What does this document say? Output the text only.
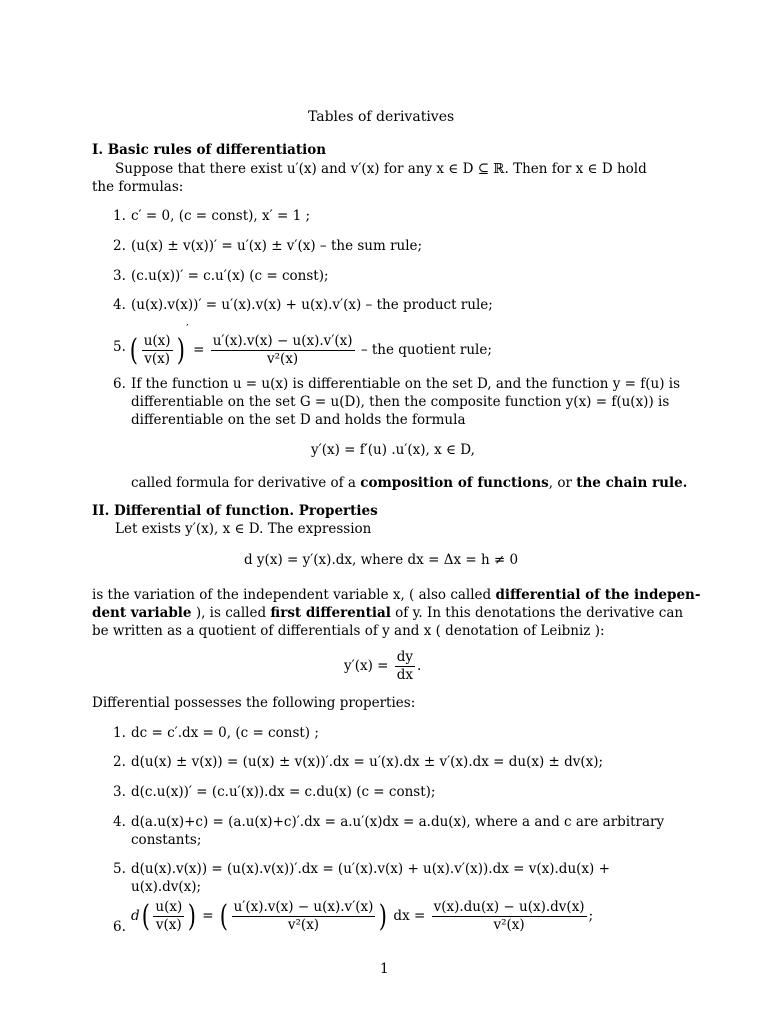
Tables of derivatives
I. Basic rules of differentiation
Suppose that there exist u′(x) and v′(x) for any x ∈ D ⊆ ℝ. Then for x ∈ D hold
the formulas:
1. c′ = 0, (c = const), x′ = 1 ;
2. (u(x) ± v(x))′ = u′(x) ± v′(x) – the sum rule;
3. (c.u(x))′ = c.u′(x) (c = const);
4. (u(x).v(x))′ = u′(x).v(x) + u(x).v′(x) – the product rule;
5. ( $\frac{u(x)}{v(x)} )' = \frac{u'(x).v(x) - u(x).v'(x)}{\text{v²(x)}}$ – the quotient rule;
6. If the function u = u(x) is differentiable on the set D, and the function y = f(u) is
differentiable on the set G = u(D), then the composite function y(x) = f(u(x)) is
differentiable on the set D and holds the formula
y′(x) = f′(u) .u′(x), x ∈ D,
called formula for derivative of a composition of functions, or the chain rule.
II. Differential of function. Properties
Let exists y′(x), x ∈ D. The expression
d y(x) = y′(x).dx, where dx = Δx = h ≠ 0
is the variation of the independent variable x, ( also called differential of the indepen-
dent variable ), is called first differential of y. In this denotations the derivative can
be written as a quotient of differentials of y and x ( denotation of Leibniz ):
$y'(x) = \frac{dy}{dx}$ .
Differential possesses the following properties:
1. dc = c′.dx = 0, (c = const) ;
2. d(u(x) ± v(x)) = (u(x) ± v(x))′.dx = u′(x).dx ± v′(x).dx = du(x) ± dv(x);
3. d(c.u(x))′ = (c.u′(x)).dx = c.du(x) (c = const);
4. d(a.u(x)+c) = (a.u(x)+c)′.dx = a.u′(x)dx = a.du(x), where a and c are arbitrary
constants;
5. d(u(x).v(x)) = (u(x).v(x))′.dx = (u′(x).v(x) + u(x).v′(x)).dx = v(x).du(x) +
u(x).dv(x);
6.
$d( \frac{u(x)}{v(x)}$ ) = ( $\frac{u'(x).v(x) - u(x).v'(x)}{\text{v²(x)}}$ ) dx = $\frac{v(x).du(x) - u(x).dv(x)}{\text{v²(x)}}$ ;
1
